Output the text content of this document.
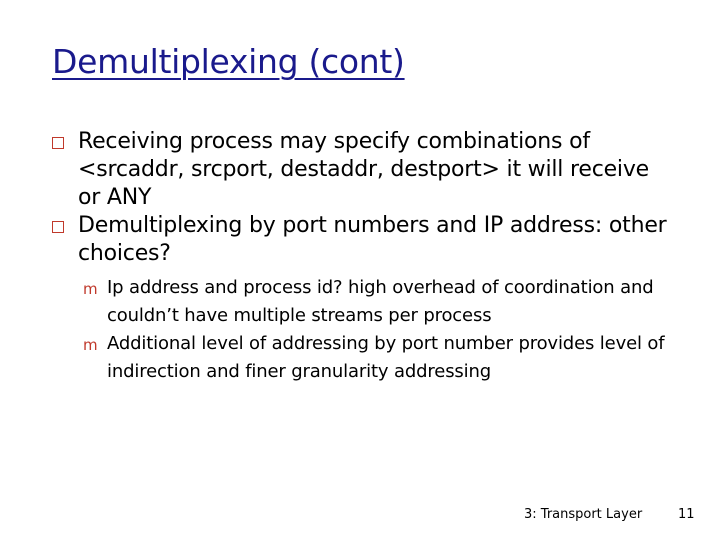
Demultiplexing (cont)
Receiving process may specify combinations of <srcaddr, srcport, destaddr, destport> it will receive or ANY
Demultiplexing by port numbers and IP address: other choices?
m Ip address and process id? high overhead of coordination and couldn’t have multiple streams per process
m Additional level of addressing by port number provides level of indirection and finer granularity addressing
3: Transport Layer	11
